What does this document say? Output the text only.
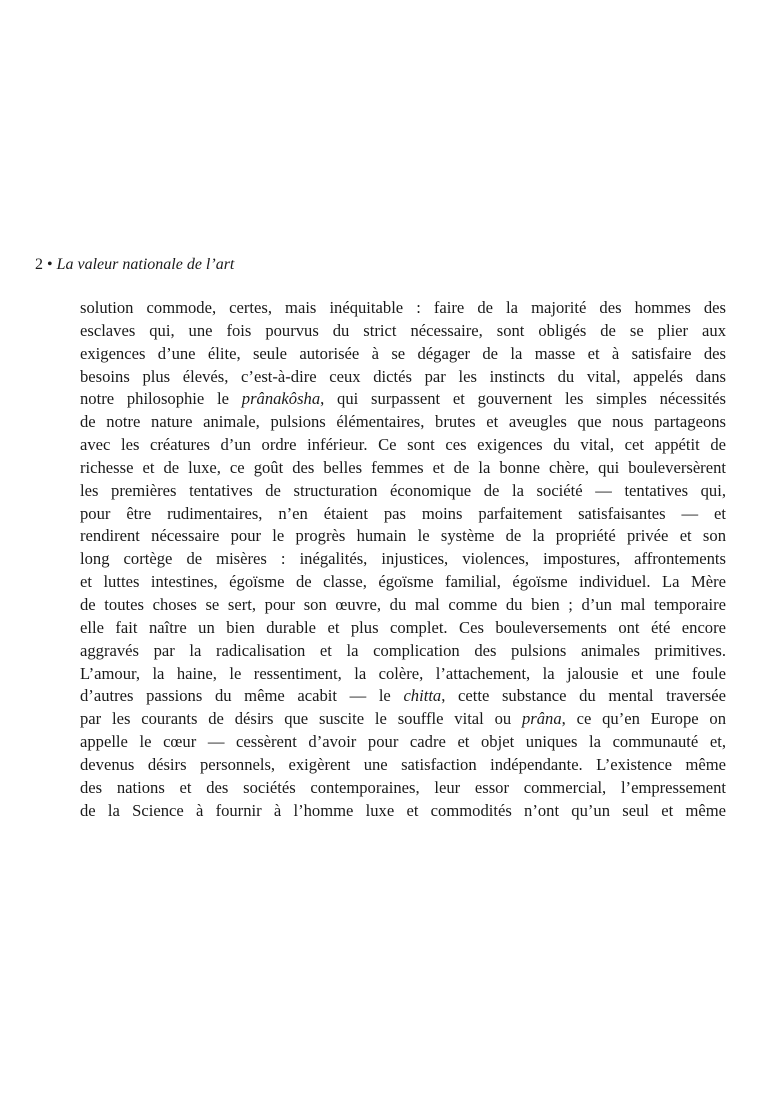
2 • La valeur nationale de l’art
solution commode, certes, mais inéquitable : faire de la majorité des hommes des
esclaves qui, une fois pourvus du strict nécessaire, sont obligés de se plier aux
exigences d’une élite, seule autorisée à se dégager de la masse et à satisfaire des
besoins plus élevés, c’est-à-dire ceux dictés par les instincts du vital, appelés dans
notre philosophie le prânakôsha, qui surpassent et gouvernent les simples nécessités
de notre nature animale, pulsions élémentaires, brutes et aveugles que nous partageons
avec les créatures d’un ordre inférieur. Ce sont ces exigences du vital, cet appétit de
richesse et de luxe, ce goût des belles femmes et de la bonne chère, qui bouleversèrent
les premières tentatives de structuration économique de la société — tentatives qui,
pour être rudimentaires, n’en étaient pas moins parfaitement satisfaisantes — et
rendirent nécessaire pour le progrès humain le système de la propriété privée et son
long cortège de misères : inégalités, injustices, violences, impostures, affrontements
et luttes intestines, égoïsme de classe, égoïsme familial, égoïsme individuel. La Mère
de toutes choses se sert, pour son œuvre, du mal comme du bien ; d’un mal temporaire
elle fait naître un bien durable et plus complet. Ces bouleversements ont été encore
aggravés par la radicalisation et la complication des pulsions animales primitives.
L’amour, la haine, le ressentiment, la colère, l’attachement, la jalousie et une foule
d’autres passions du même acabit — le chitta, cette substance du mental traversée
par les courants de désirs que suscite le souffle vital ou prâna, ce qu’en Europe on
appelle le cœur — cessèrent d’avoir pour cadre et objet uniques la communauté et,
devenus désirs personnels, exigèrent une satisfaction indépendante. L’existence même
des nations et des sociétés contemporaines, leur essor commercial, l’empressement
de la Science à fournir à l’homme luxe et commodités n’ont qu’un seul et même
